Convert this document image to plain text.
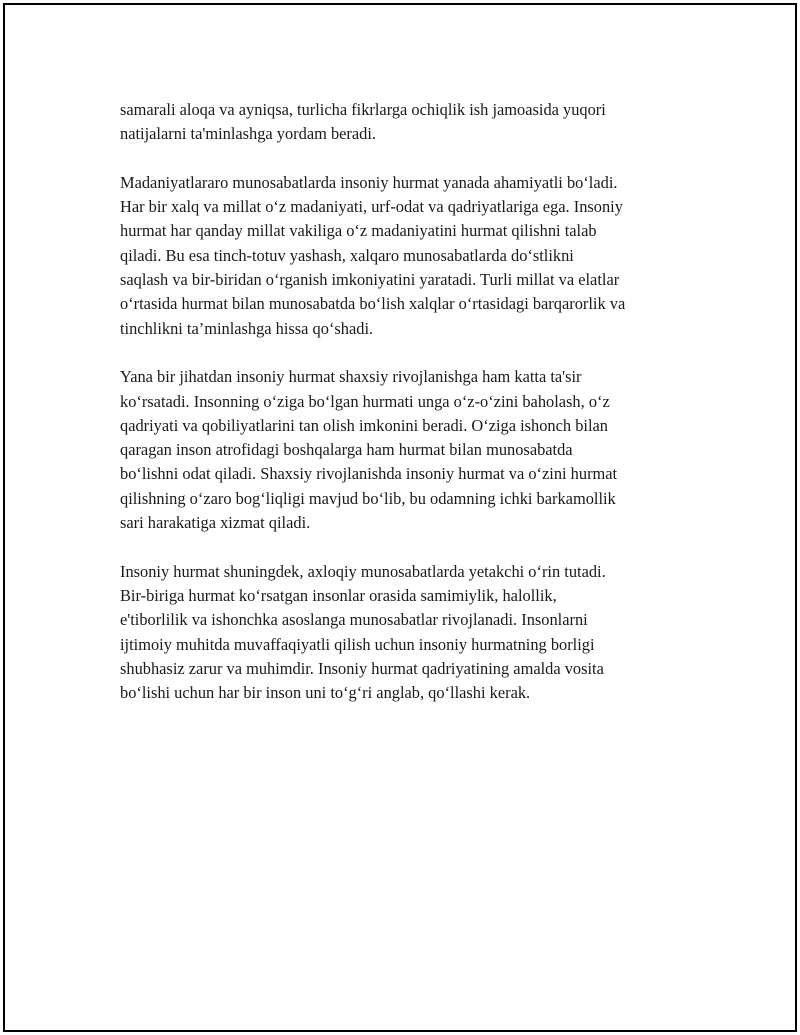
samarali aloqa va ayniqsa, turlicha fikrlarga ochiqlik ish jamoasida yuqori
natijalarni ta'minlashga yordam beradi.

Madaniyatlararo munosabatlarda insoniy hurmat yanada ahamiyatli bo‘ladi.
Har bir xalq va millat o‘z madaniyati, urf-odat va qadriyatlariga ega. Insoniy
hurmat har qanday millat vakiliga o‘z madaniyatini hurmat qilishni talab
qiladi. Bu esa tinch-totuv yashash, xalqaro munosabatlarda do‘stlikni
saqlash va bir-biridan o‘rganish imkoniyatini yaratadi. Turli millat va elatlar
o‘rtasida hurmat bilan munosabatda bo‘lish xalqlar o‘rtasidagi barqarorlik va
tinchlikni ta’minlashga hissa qo‘shadi.

Yana bir jihatdan insoniy hurmat shaxsiy rivojlanishga ham katta ta'sir
ko‘rsatadi. Insonning o‘ziga bo‘lgan hurmati unga o‘z-o‘zini baholash, o‘z
qadriyati va qobiliyatlarini tan olish imkonini beradi. O‘ziga ishonch bilan
qaragan inson atrofidagi boshqalarga ham hurmat bilan munosabatda
bo‘lishni odat qiladi. Shaxsiy rivojlanishda insoniy hurmat va o‘zini hurmat
qilishning o‘zaro bog‘liqligi mavjud bo‘lib, bu odamning ichki barkamollik
sari harakatiga xizmat qiladi.

Insoniy hurmat shuningdek, axloqiy munosabatlarda yetakchi o‘rin tutadi.
Bir-biriga hurmat ko‘rsatgan insonlar orasida samimiylik, halollik,
e'tiborlilik va ishonchka asoslanga munosabatlar rivojlanadi. Insonlarni
ijtimoiy muhitda muvaffaqiyatli qilish uchun insoniy hurmatning borligi
shubhasiz zarur va muhimdir. Insoniy hurmat qadriyatining amalda vosita
bo‘lishi uchun har bir inson uni to‘g‘ri anglab, qo‘llashi kerak.
